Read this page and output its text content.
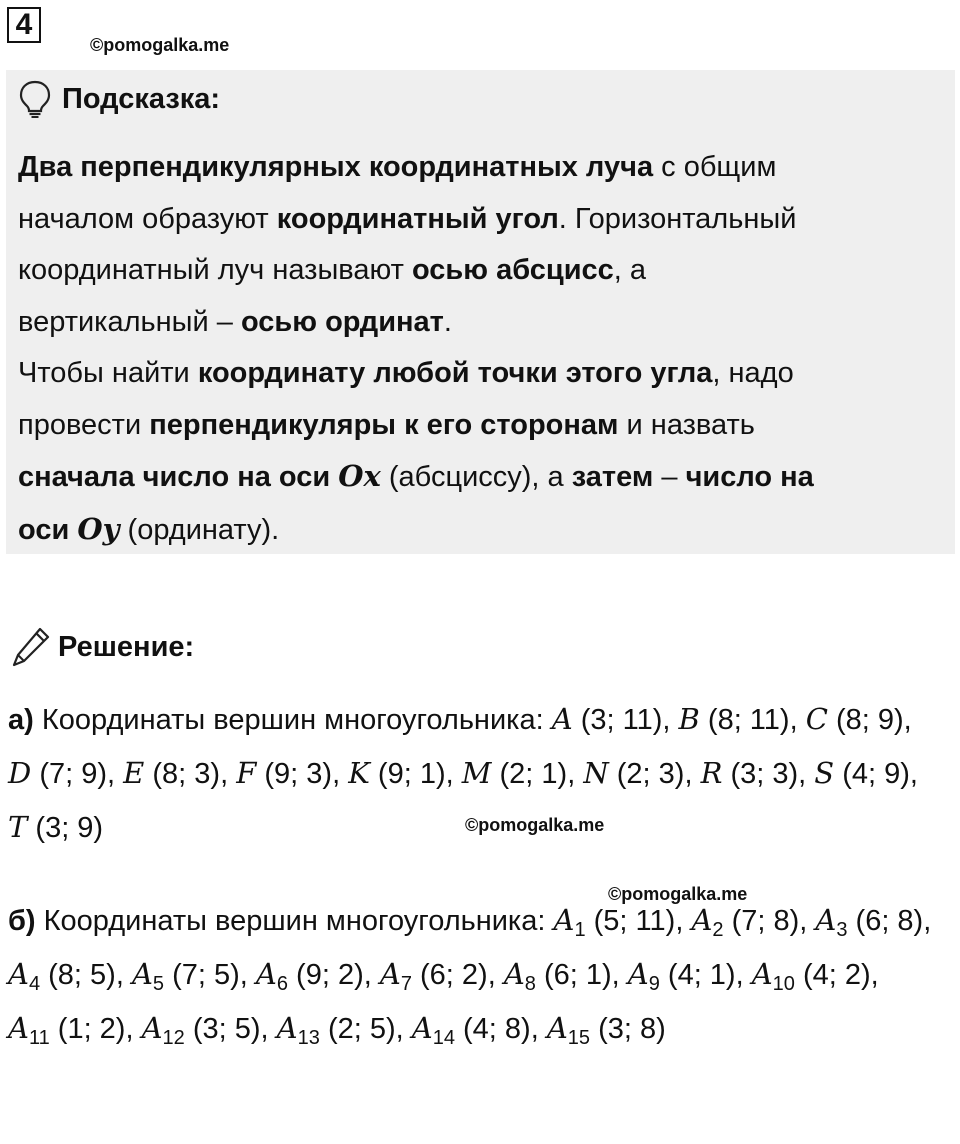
4
©pomogalka.me
Подсказка:

Два перпендикулярных координатных луча с общим

началом образуют координатный угол. Горизонтальный

координатный луч называют осью абсцисс, а

вертикальный – осью ординат.

Чтобы найти координату любой точки этого угла, надо

провести перпендикуляры к его сторонам и назвать

сначала число на оси Ox (абсциссу), а затем – число на

оси Oy (ординату).

Решение:

а) Координаты вершин многоугольника: A (3; 11), B (8; 11), C (8; 9), D (7; 9), E (8; 3), F (9; 3), K (9; 1), M (2; 1), N (2; 3), R (3; 3), S (4; 9), T (3; 9)	©pomogalka.me
©pomogalka.me

б) Координаты вершин многоугольника: $A_1$ (5; 11), $A_2$ (7; 8), $A_3$ (6; 8), $A_4$ (8; 5), $A_5$ (7; 5), $A_6$ (9; 2), $A_7$ (6; 2), $A_8$ (6; 1), $A_9$ (4; 1), $A_{10}$ (4; 2), $A_{11}$ (1; 2), $A_{12}$ (3; 5), $A_{13}$ (2; 5), $A_{14}$ (4; 8), $A_{15}$ (3; 8)
